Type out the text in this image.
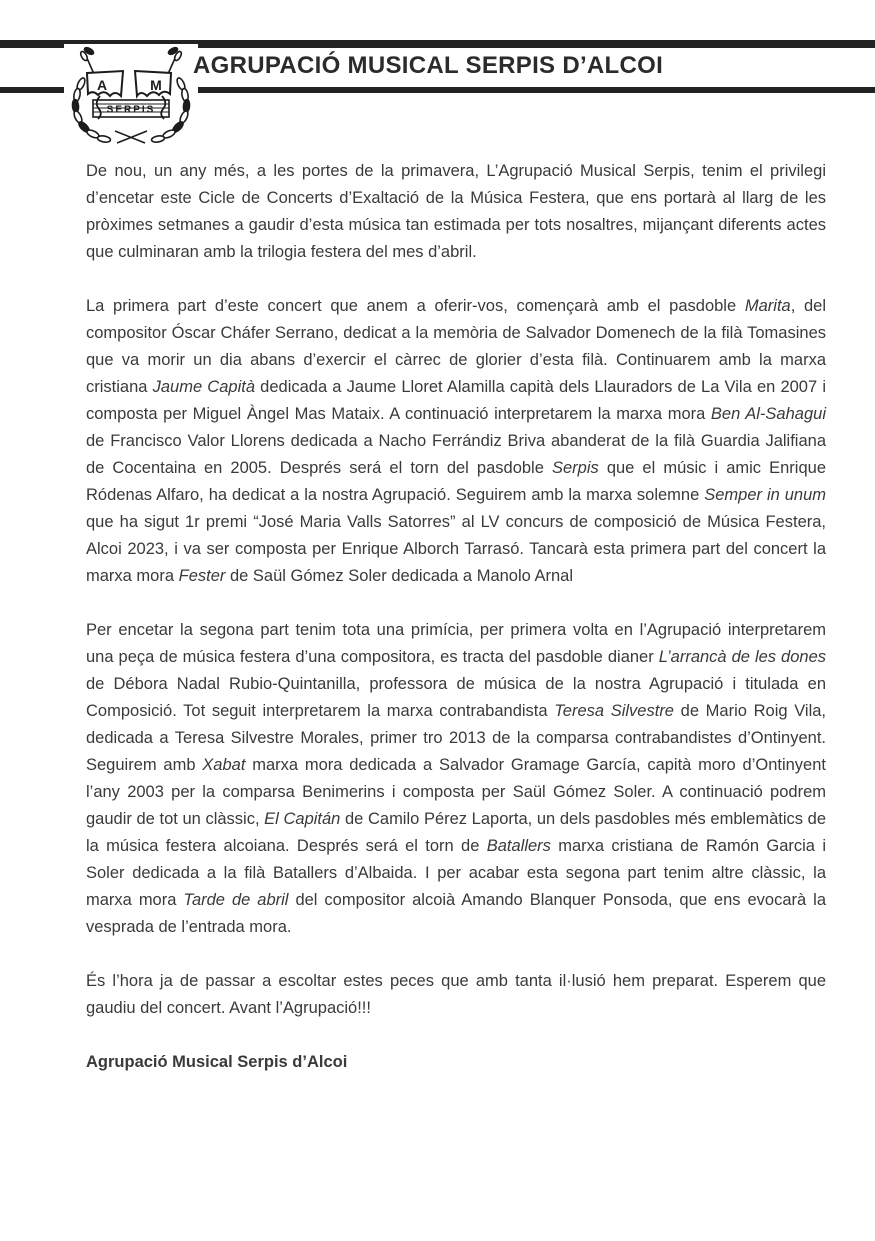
A	M
SERPIS
AGRUPACIÓ MUSICAL SERPIS D’ALCOI

De nou, un any més, a les portes de la primavera, L’Agrupació Musical Serpis, tenim el privilegi d’encetar este Cicle de Concerts d’Exaltació de la Música Festera, que ens portarà al llarg de les pròximes setmanes a gaudir d’esta música tan estimada per tots nosaltres, mijançant diferents actes que culminaran amb la trilogia festera del mes d’abril.

La primera part d’este concert que anem a oferir-vos, començarà amb el pasdoble Marita, del compositor Óscar Cháfer Serrano, dedicat a la memòria de Salvador Domenech de la filà Tomasines que va morir un dia abans d’exercir el càrrec de glorier d’esta filà. Continuarem amb la marxa cristiana Jaume Capità dedicada a Jaume Lloret Alamilla capità dels Llauradors de La Vila en 2007 i composta per Miguel Àngel Mas Mataix. A continuació interpretarem la marxa mora Ben Al-Sahagui de Francisco Valor Llorens dedicada a Nacho Ferrándiz Briva abanderat de la filà Guardia Jalifiana de Cocentaina en 2005. Després será el torn del pasdoble Serpis que el músic i amic Enrique Ródenas Alfaro, ha dedicat a la nostra Agrupació. Seguirem amb la marxa solemne Semper in unum que ha sigut 1r premi “José Maria Valls Satorres” al LV concurs de composició de Música Festera, Alcoi 2023, i va ser composta per Enrique Alborch Tarrasó. Tancarà esta primera part del concert la marxa mora Fester de Saül Gómez Soler dedicada a Manolo Arnal

Per encetar la segona part tenim tota una primícia, per primera volta en l’Agrupació interpretarem una peça de música festera d’una compositora, es tracta del pasdoble dianer L’arrancà de les dones de Débora Nadal Rubio-Quintanilla, professora de música de la nostra Agrupació i titulada en Composició. Tot seguit interpretarem la marxa contrabandista Teresa Silvestre de Mario Roig Vila, dedicada a Teresa Silvestre Morales, primer tro 2013 de la comparsa contrabandistes d’Ontinyent. Seguirem amb Xabat marxa mora dedicada a Salvador Gramage García, capità moro d’Ontinyent l’any 2003 per la comparsa Benimerins i composta per Saül Gómez Soler. A continuació podrem gaudir de tot un clàssic, El Capitán de Camilo Pérez Laporta, un dels pasdobles més emblemàtics de la música festera alcoiana. Després será el torn de Batallers marxa cristiana de Ramón Garcia i Soler dedicada a la filà Batallers d’Albaida. I per acabar esta segona part tenim altre clàssic, la marxa mora Tarde de abril del compositor alcoià Amando Blanquer Ponsoda, que ens evocarà la vesprada de l’entrada mora.

És l’hora ja de passar a escoltar estes peces que amb tanta il·lusió hem preparat. Esperem que gaudiu del concert. Avant l’Agrupació!!!

Agrupació Musical Serpis d’Alcoi
